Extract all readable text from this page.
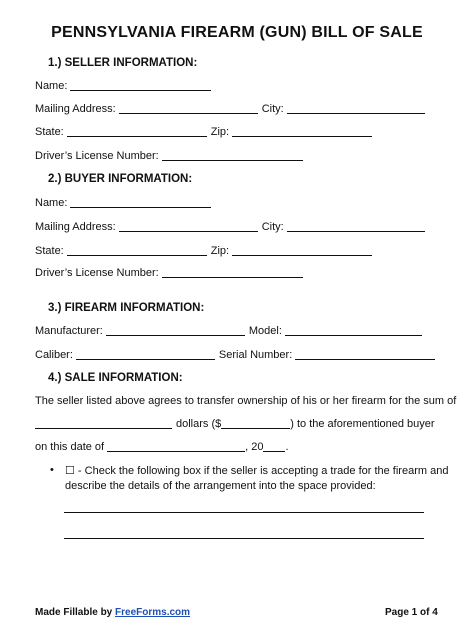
PENNSYLVANIA FIREARM (GUN) BILL OF SALE
1.) SELLER INFORMATION:
Name:
Mailing Address:	City:
State:	Zip:
Driver’s License Number:
2.) BUYER INFORMATION:
Name:
Mailing Address:	City:
State:	Zip:
Driver’s License Number:
3.) FIREARM INFORMATION:
Manufacturer:	Model:
Caliber:	Serial Number:
4.) SALE INFORMATION:
The seller listed above agrees to transfer ownership of his or her firearm for the sum of
dollars ($	) to the aforementioned buyer
on this date of	, 20 .
•	☐ - Check the following box if the seller is accepting a trade for the firearm and
describe the details of the arrangement into the space provided:
Made Fillable by FreeForms.com	Page 1 of 4
